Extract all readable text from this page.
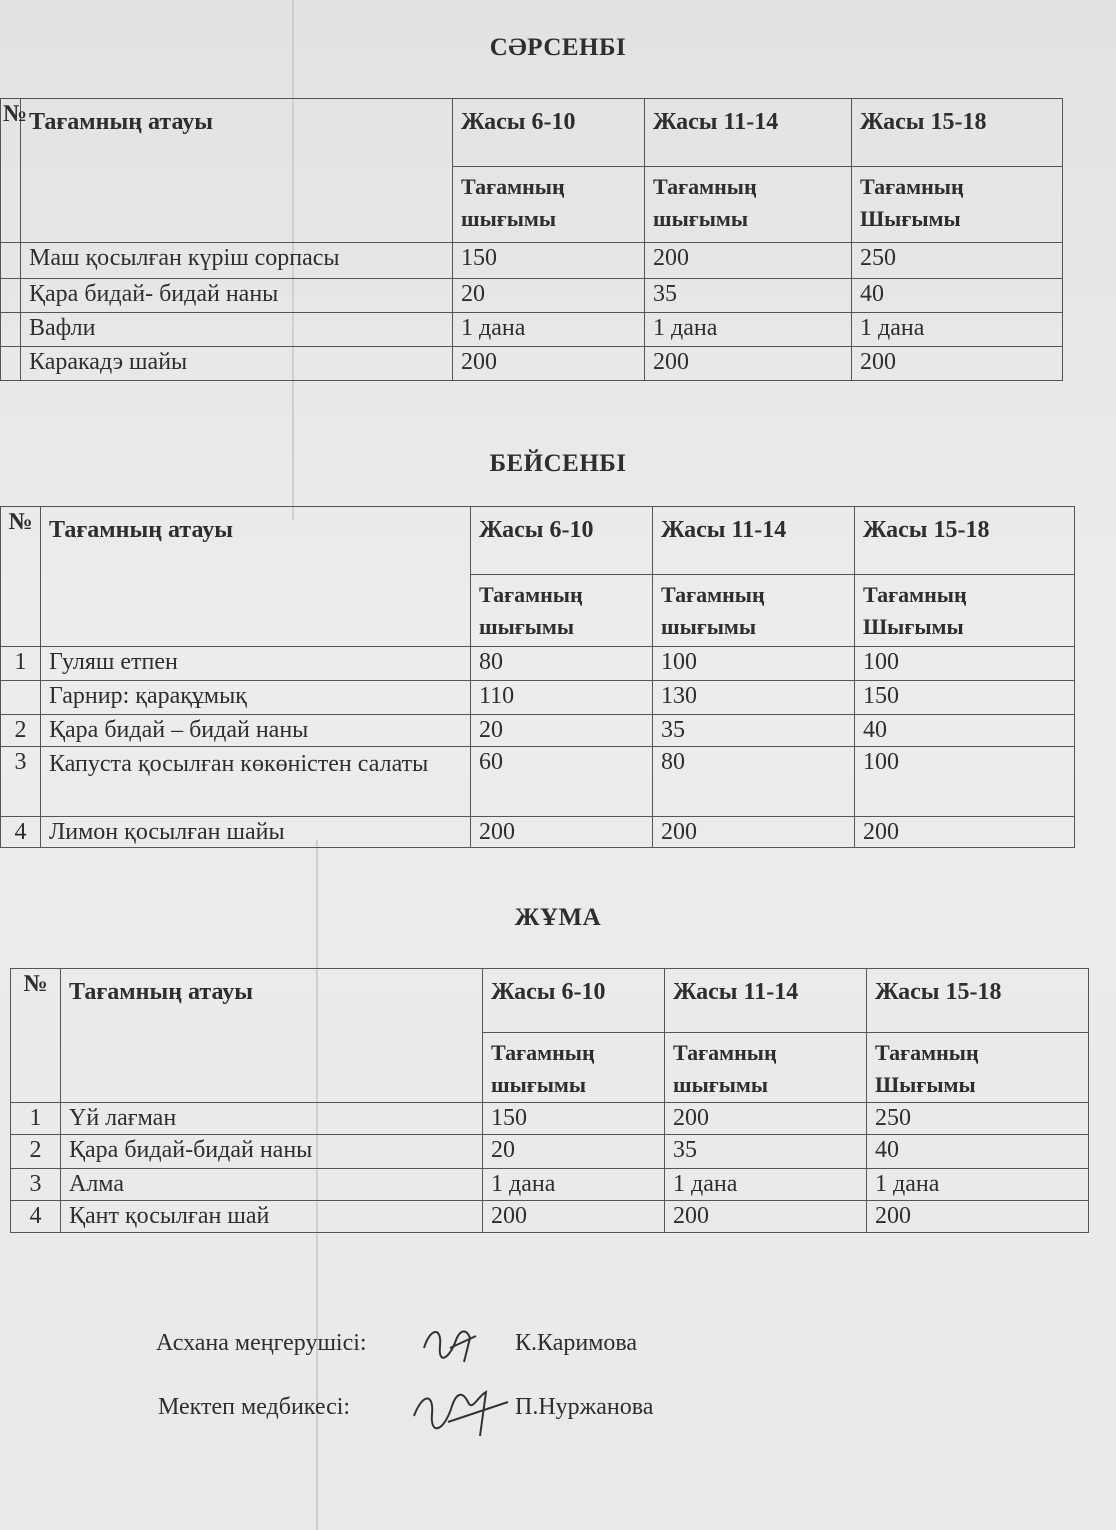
СӘРСЕНБІ
№	Тағамның атауы	Жасы 6-10	Жасы 11-14	Жасы 15-18
		Тағамның шығымы	Тағамның шығымы	Тағамның Шығымы
	Маш қосылған күріш сорпасы	150	200	250
	Қара бидай- бидай наны	20	35	40
	Вафли	1 дана	1 дана	1 дана
	Каракадэ шайы	200	200	200
БЕЙСЕНБІ
№	Тағамның атауы	Жасы 6-10	Жасы 11-14	Жасы 15-18
		Тағамның шығымы	Тағамның шығымы	Тағамның Шығымы
1	Гуляш етпен	80	100	100
	Гарнир: қарақұмық	110	130	150
2	Қара бидай – бидай наны	20	35	40
3	Капуста қосылған көкөністен салаты	60	80	100
4	Лимон қосылған шайы	200	200	200
ЖҰМА
№	Тағамның атауы	Жасы 6-10	Жасы 11-14	Жасы 15-18
		Тағамның шығымы	Тағамның шығымы	Тағамның Шығымы
1	Үй лағман	150	200	250
2	Қара бидай-бидай наны	20	35	40
3	Алма	1 дана	1 дана	1 дана
4	Қант қосылған шай	200	200	200
Асхана меңгерушісі:	К.Каримова
Мектеп медбикесі:	П.Нуржанова
